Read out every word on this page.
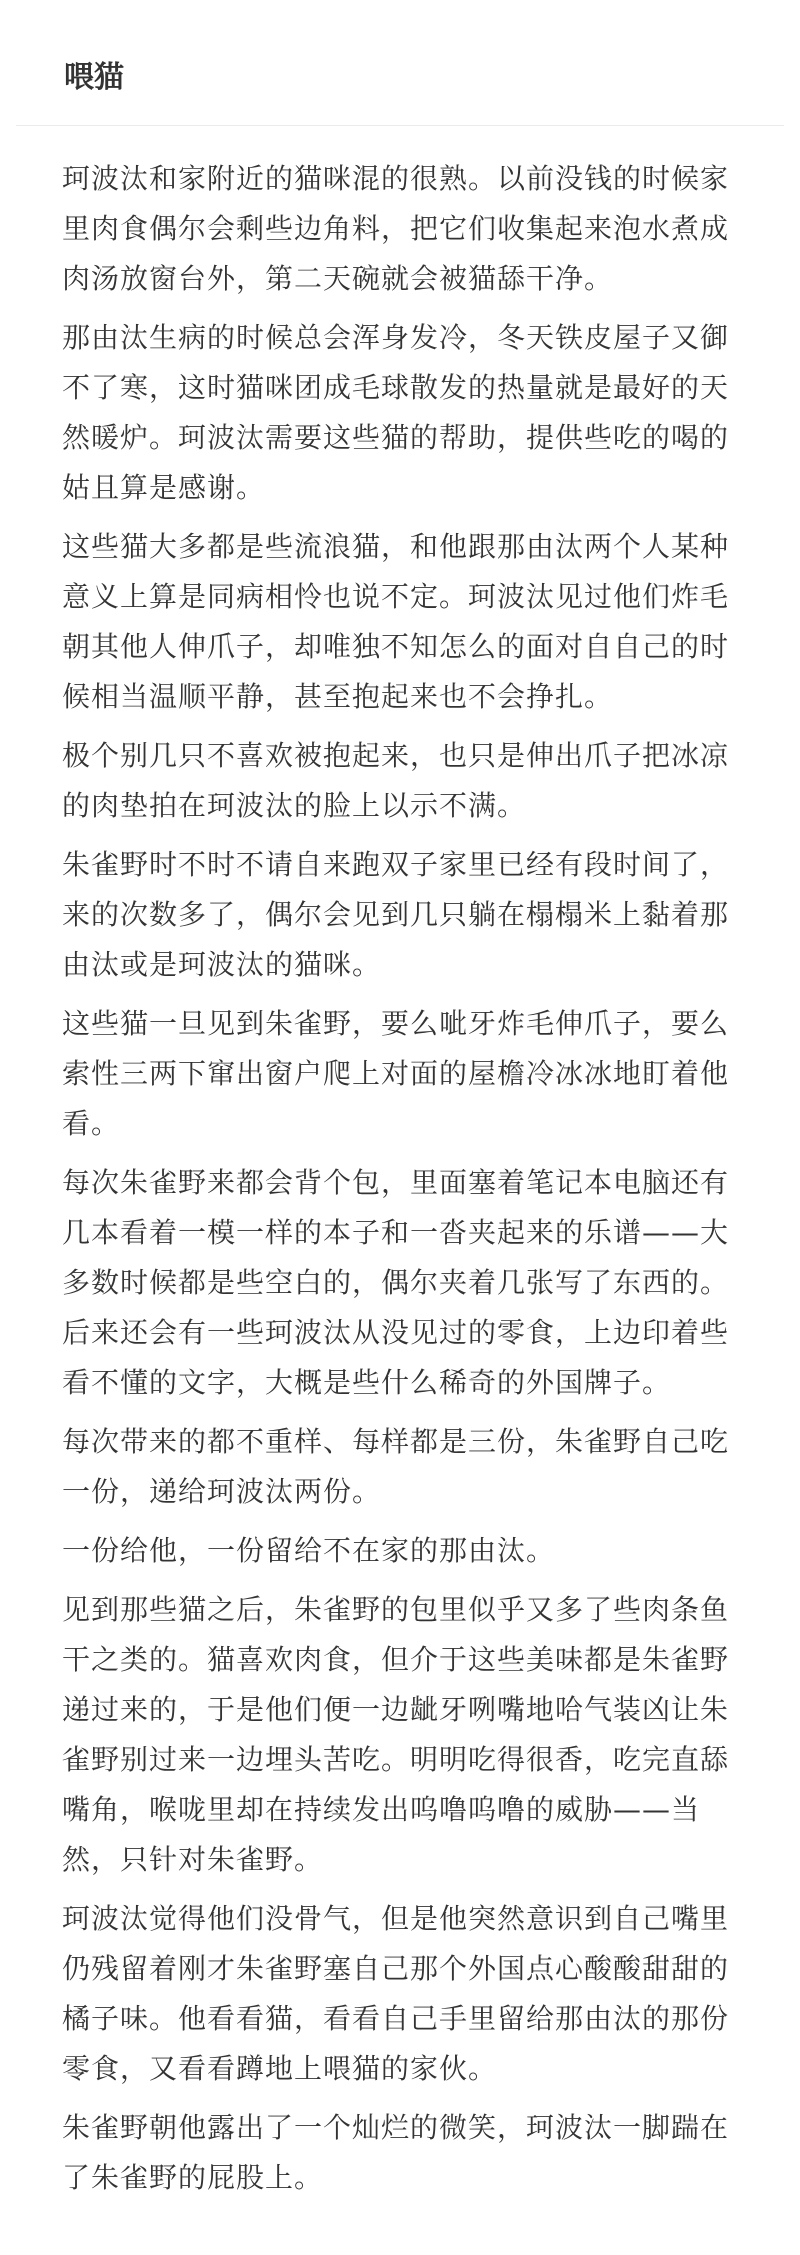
喂猫

珂波汰和家附近的猫咪混的很熟。以前没钱的时候家里肉食偶尔会剩些边角料，把它们收集起来泡水煮成肉汤放窗台外，第二天碗就会被猫舔干净。

那由汰生病的时候总会浑身发冷，冬天铁皮屋子又御不了寒，这时猫咪团成毛球散发的热量就是最好的天然暖炉。珂波汰需要这些猫的帮助，提供些吃的喝的姑且算是感谢。

这些猫大多都是些流浪猫，和他跟那由汰两个人某种意义上算是同病相怜也说不定。珂波汰见过他们炸毛朝其他人伸爪子，却唯独不知怎么的面对自自己的时候相当温顺平静，甚至抱起来也不会挣扎。

极个别几只不喜欢被抱起来，也只是伸出爪子把冰凉的肉垫拍在珂波汰的脸上以示不满。

朱雀野时不时不请自来跑双子家里已经有段时间了，来的次数多了，偶尔会见到几只躺在榻榻米上黏着那由汰或是珂波汰的猫咪。

这些猫一旦见到朱雀野，要么呲牙炸毛伸爪子，要么索性三两下窜出窗户爬上对面的屋檐冷冰冰地盯着他看。

每次朱雀野来都会背个包，里面塞着笔记本电脑还有几本看着一模一样的本子和一沓夹起来的乐谱——大多数时候都是些空白的，偶尔夹着几张写了东西的。后来还会有一些珂波汰从没见过的零食，上边印着些看不懂的文字，大概是些什么稀奇的外国牌子。

每次带来的都不重样、每样都是三份，朱雀野自己吃一份，递给珂波汰两份。

一份给他，一份留给不在家的那由汰。

见到那些猫之后，朱雀野的包里似乎又多了些肉条鱼干之类的。猫喜欢肉食，但介于这些美味都是朱雀野递过来的，于是他们便一边龇牙咧嘴地哈气装凶让朱雀野别过来一边埋头苦吃。明明吃得很香，吃完直舔嘴角，喉咙里却在持续发出呜噜呜噜的威胁——当然，只针对朱雀野。

珂波汰觉得他们没骨气，但是他突然意识到自己嘴里仍残留着刚才朱雀野塞自己那个外国点心酸酸甜甜的橘子味。他看看猫，看看自己手里留给那由汰的那份零食，又看看蹲地上喂猫的家伙。

朱雀野朝他露出了一个灿烂的微笑，珂波汰一脚踹在了朱雀野的屁股上。
